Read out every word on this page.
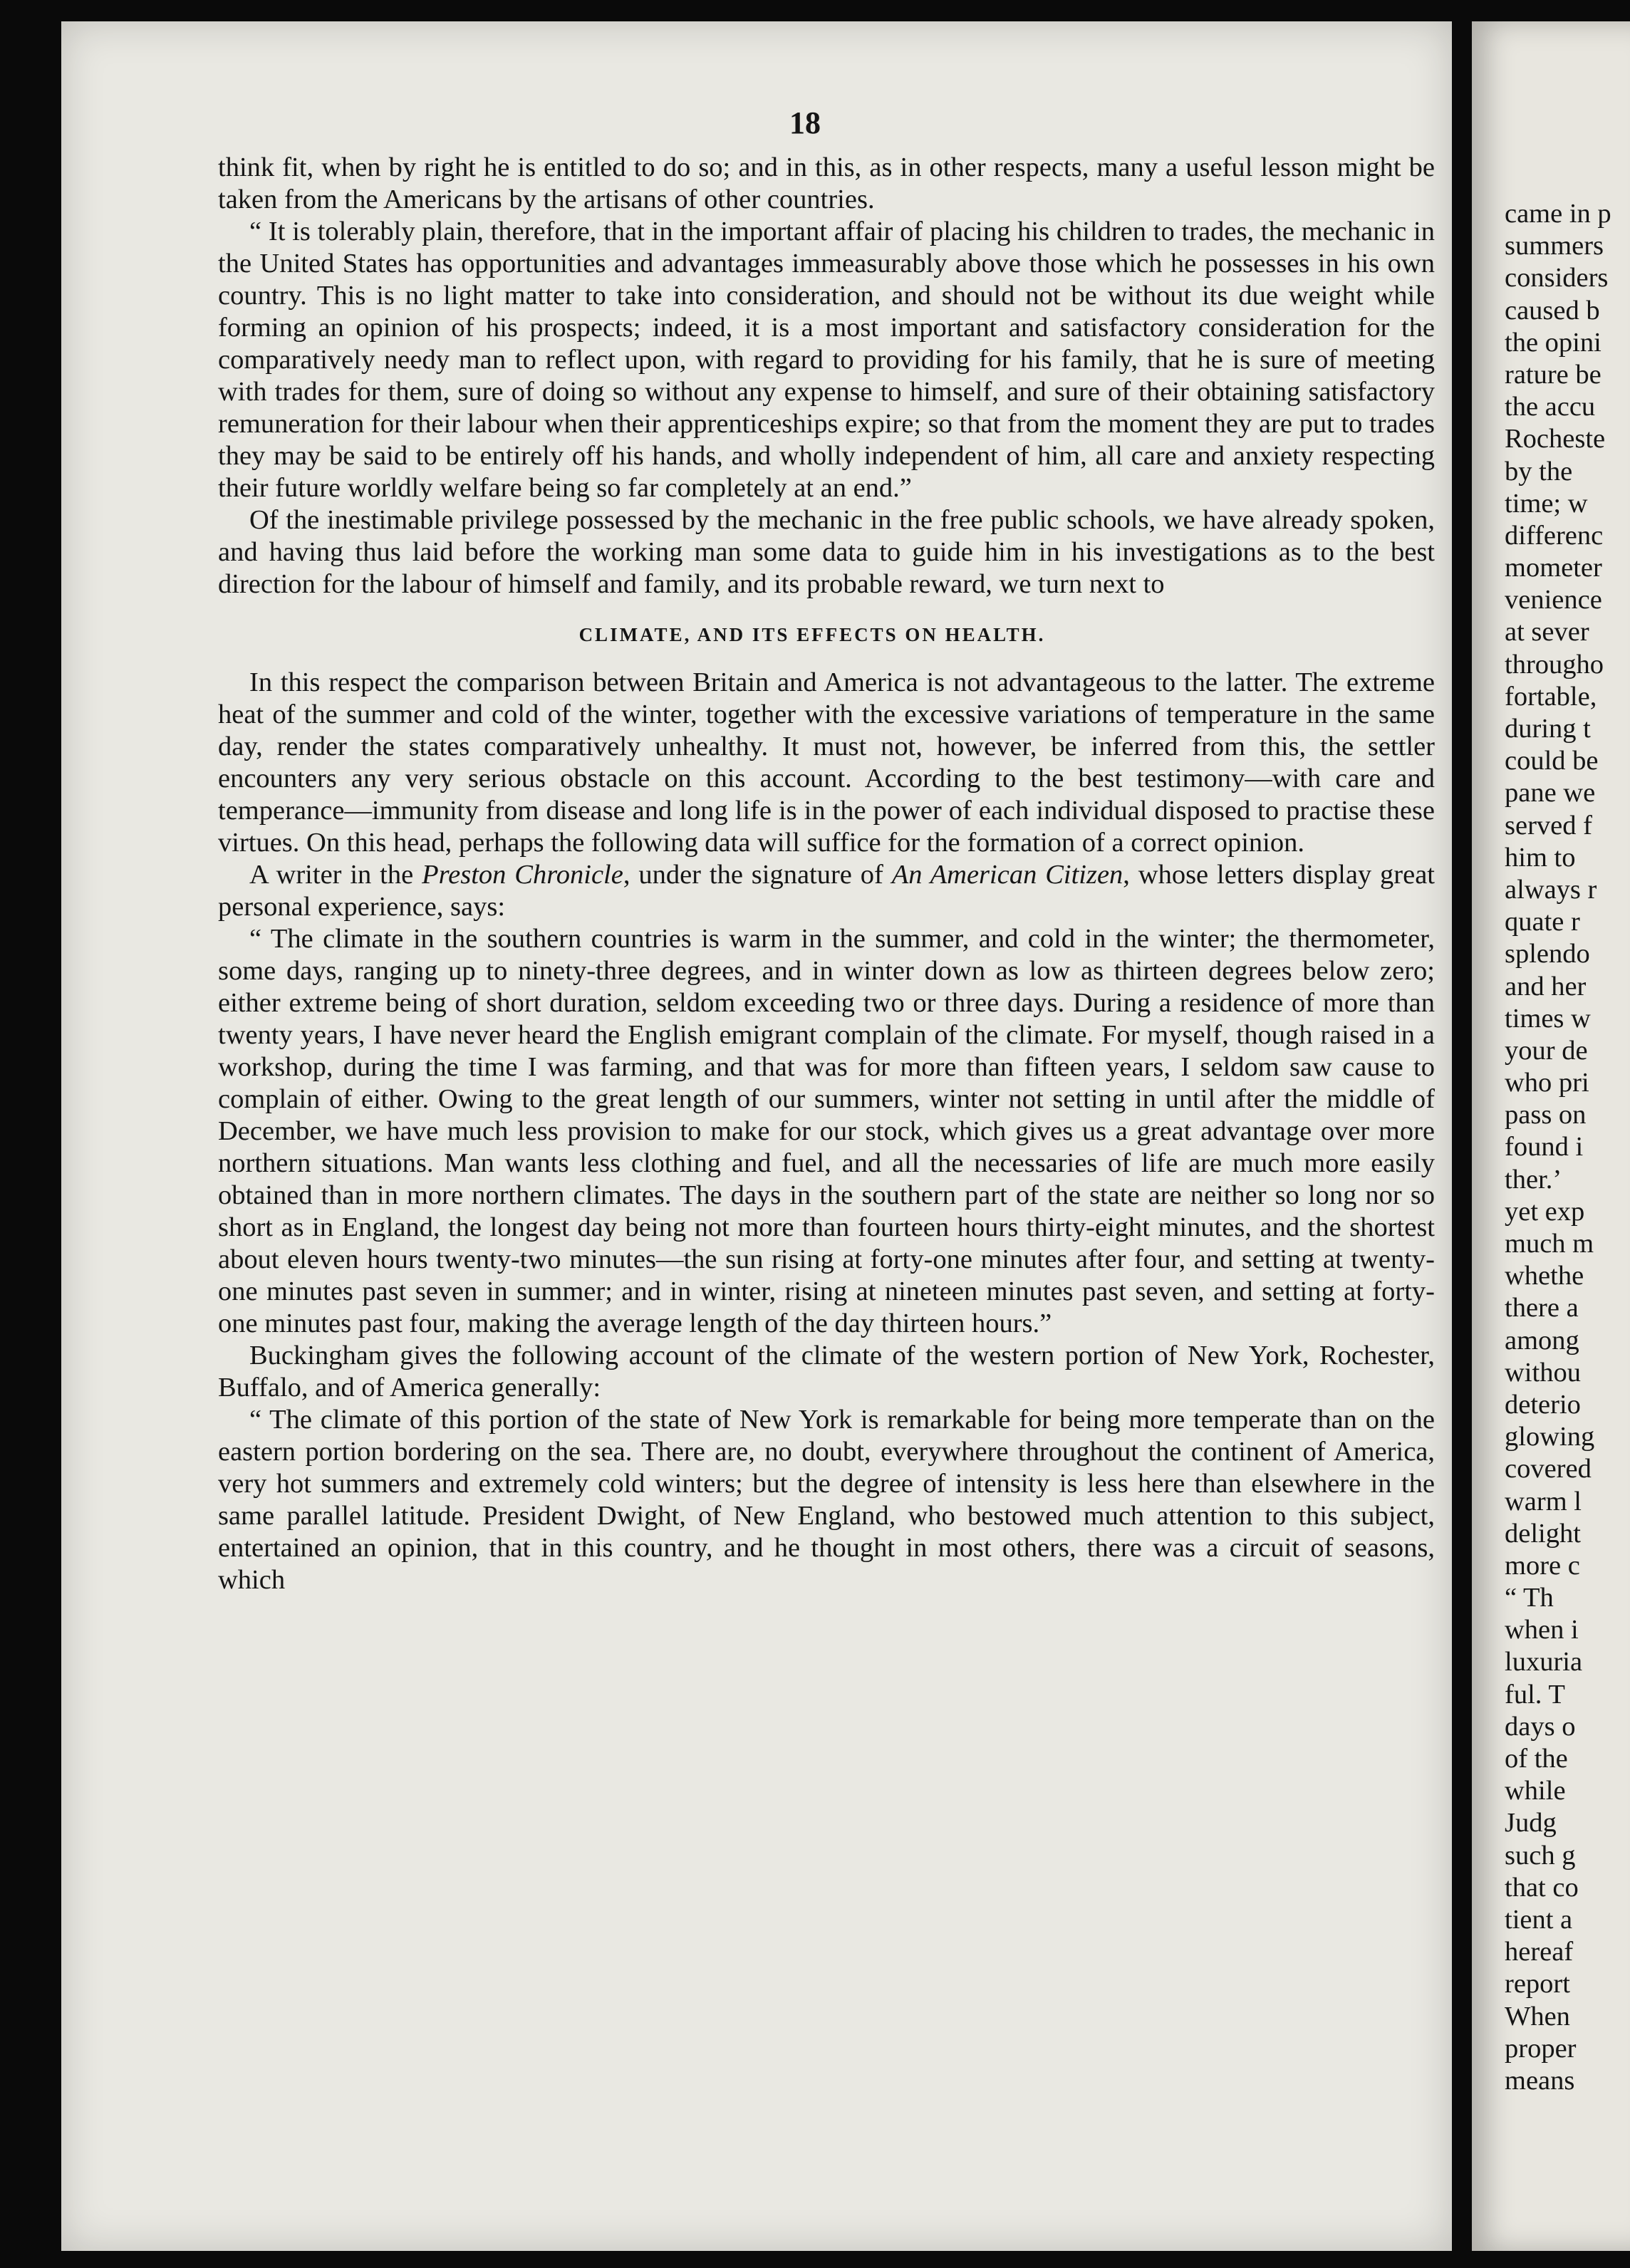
18

think fit, when by right he is entitled to do so; and in this, as in other respects, many a useful lesson might be taken from the Americans by the artisans of other countries.

“ It is tolerably plain, therefore, that in the important affair of placing his children to trades, the mechanic in the United States has opportunities and advantages immeasurably above those which he possesses in his own country. This is no light matter to take into consideration, and should not be without its due weight while forming an opinion of his prospects; indeed, it is a most important and satisfactory consideration for the comparatively needy man to reflect upon, with regard to providing for his family, that he is sure of meeting with trades for them, sure of doing so without any expense to himself, and sure of their obtaining satisfactory remuneration for their labour when their apprenticeships expire; so that from the moment they are put to trades they may be said to be entirely off his hands, and wholly independent of him, all care and anxiety respecting their future worldly welfare being so far completely at an end.”

Of the inestimable privilege possessed by the mechanic in the free public schools, we have already spoken, and having thus laid before the working man some data to guide him in his investigations as to the best direction for the labour of himself and family, and its probable reward, we turn next to

CLIMATE, AND ITS EFFECTS ON HEALTH.

In this respect the comparison between Britain and America is not advantageous to the latter. The extreme heat of the summer and cold of the winter, together with the excessive variations of temperature in the same day, render the states comparatively unhealthy. It must not, however, be inferred from this, the settler encounters any very serious obstacle on this account. According to the best testimony—with care and temperance—immunity from disease and long life is in the power of each individual disposed to practise these virtues. On this head, perhaps the following data will suffice for the formation of a correct opinion.

A writer in the Preston Chronicle, under the signature of An American Citizen, whose letters display great personal experience, says:

“ The climate in the southern countries is warm in the summer, and cold in the winter; the thermometer, some days, ranging up to ninety-three degrees, and in winter down as low as thirteen degrees below zero; either extreme being of short duration, seldom exceeding two or three days. During a residence of more than twenty years, I have never heard the English emigrant complain of the climate. For myself, though raised in a workshop, during the time I was farming, and that was for more than fifteen years, I seldom saw cause to complain of either. Owing to the great length of our summers, winter not setting in until after the middle of December, we have much less provision to make for our stock, which gives us a great advantage over more northern situations. Man wants less clothing and fuel, and all the necessaries of life are much more easily obtained than in more northern climates. The days in the southern part of the state are neither so long nor so short as in England, the longest day being not more than fourteen hours thirty-eight minutes, and the shortest about eleven hours twenty-two minutes—the sun rising at forty-one minutes after four, and setting at twenty-one minutes past seven in summer; and in winter, rising at nineteen minutes past seven, and setting at forty-one minutes past four, making the average length of the day thirteen hours.”

Buckingham gives the following account of the climate of the western portion of New York, Rochester, Buffalo, and of America generally:

“ The climate of this portion of the state of New York is remarkable for being more temperate than on the eastern portion bordering on the sea. There are, no doubt, everywhere throughout the continent of America, very hot summers and extremely cold winters; but the degree of intensity is less here than elsewhere in the same parallel latitude. President Dwight, of New England, who bestowed much attention to this subject, entertained an opinion, that in this country, and he thought in most others, there was a circuit of seasons, which

came in p
summers
considers
caused b
the opini
rature be
the accu
Rocheste
by the
time; w
differenc
mometer
venience
at sever
througho
fortable,
during t
could be
pane we
served f
him to
always r
quate r
splendo
and her
times w
your de
who pri
pass on
found i
ther.’
yet exp
much m
whethe
there a
among
withou
deterio
glowing
covered
warm l
delight
more c
“ Th
when i
luxuria
ful. T
days o
of the
while
Judg
such g
that co
tient a
hereaf
report
When
proper
means
